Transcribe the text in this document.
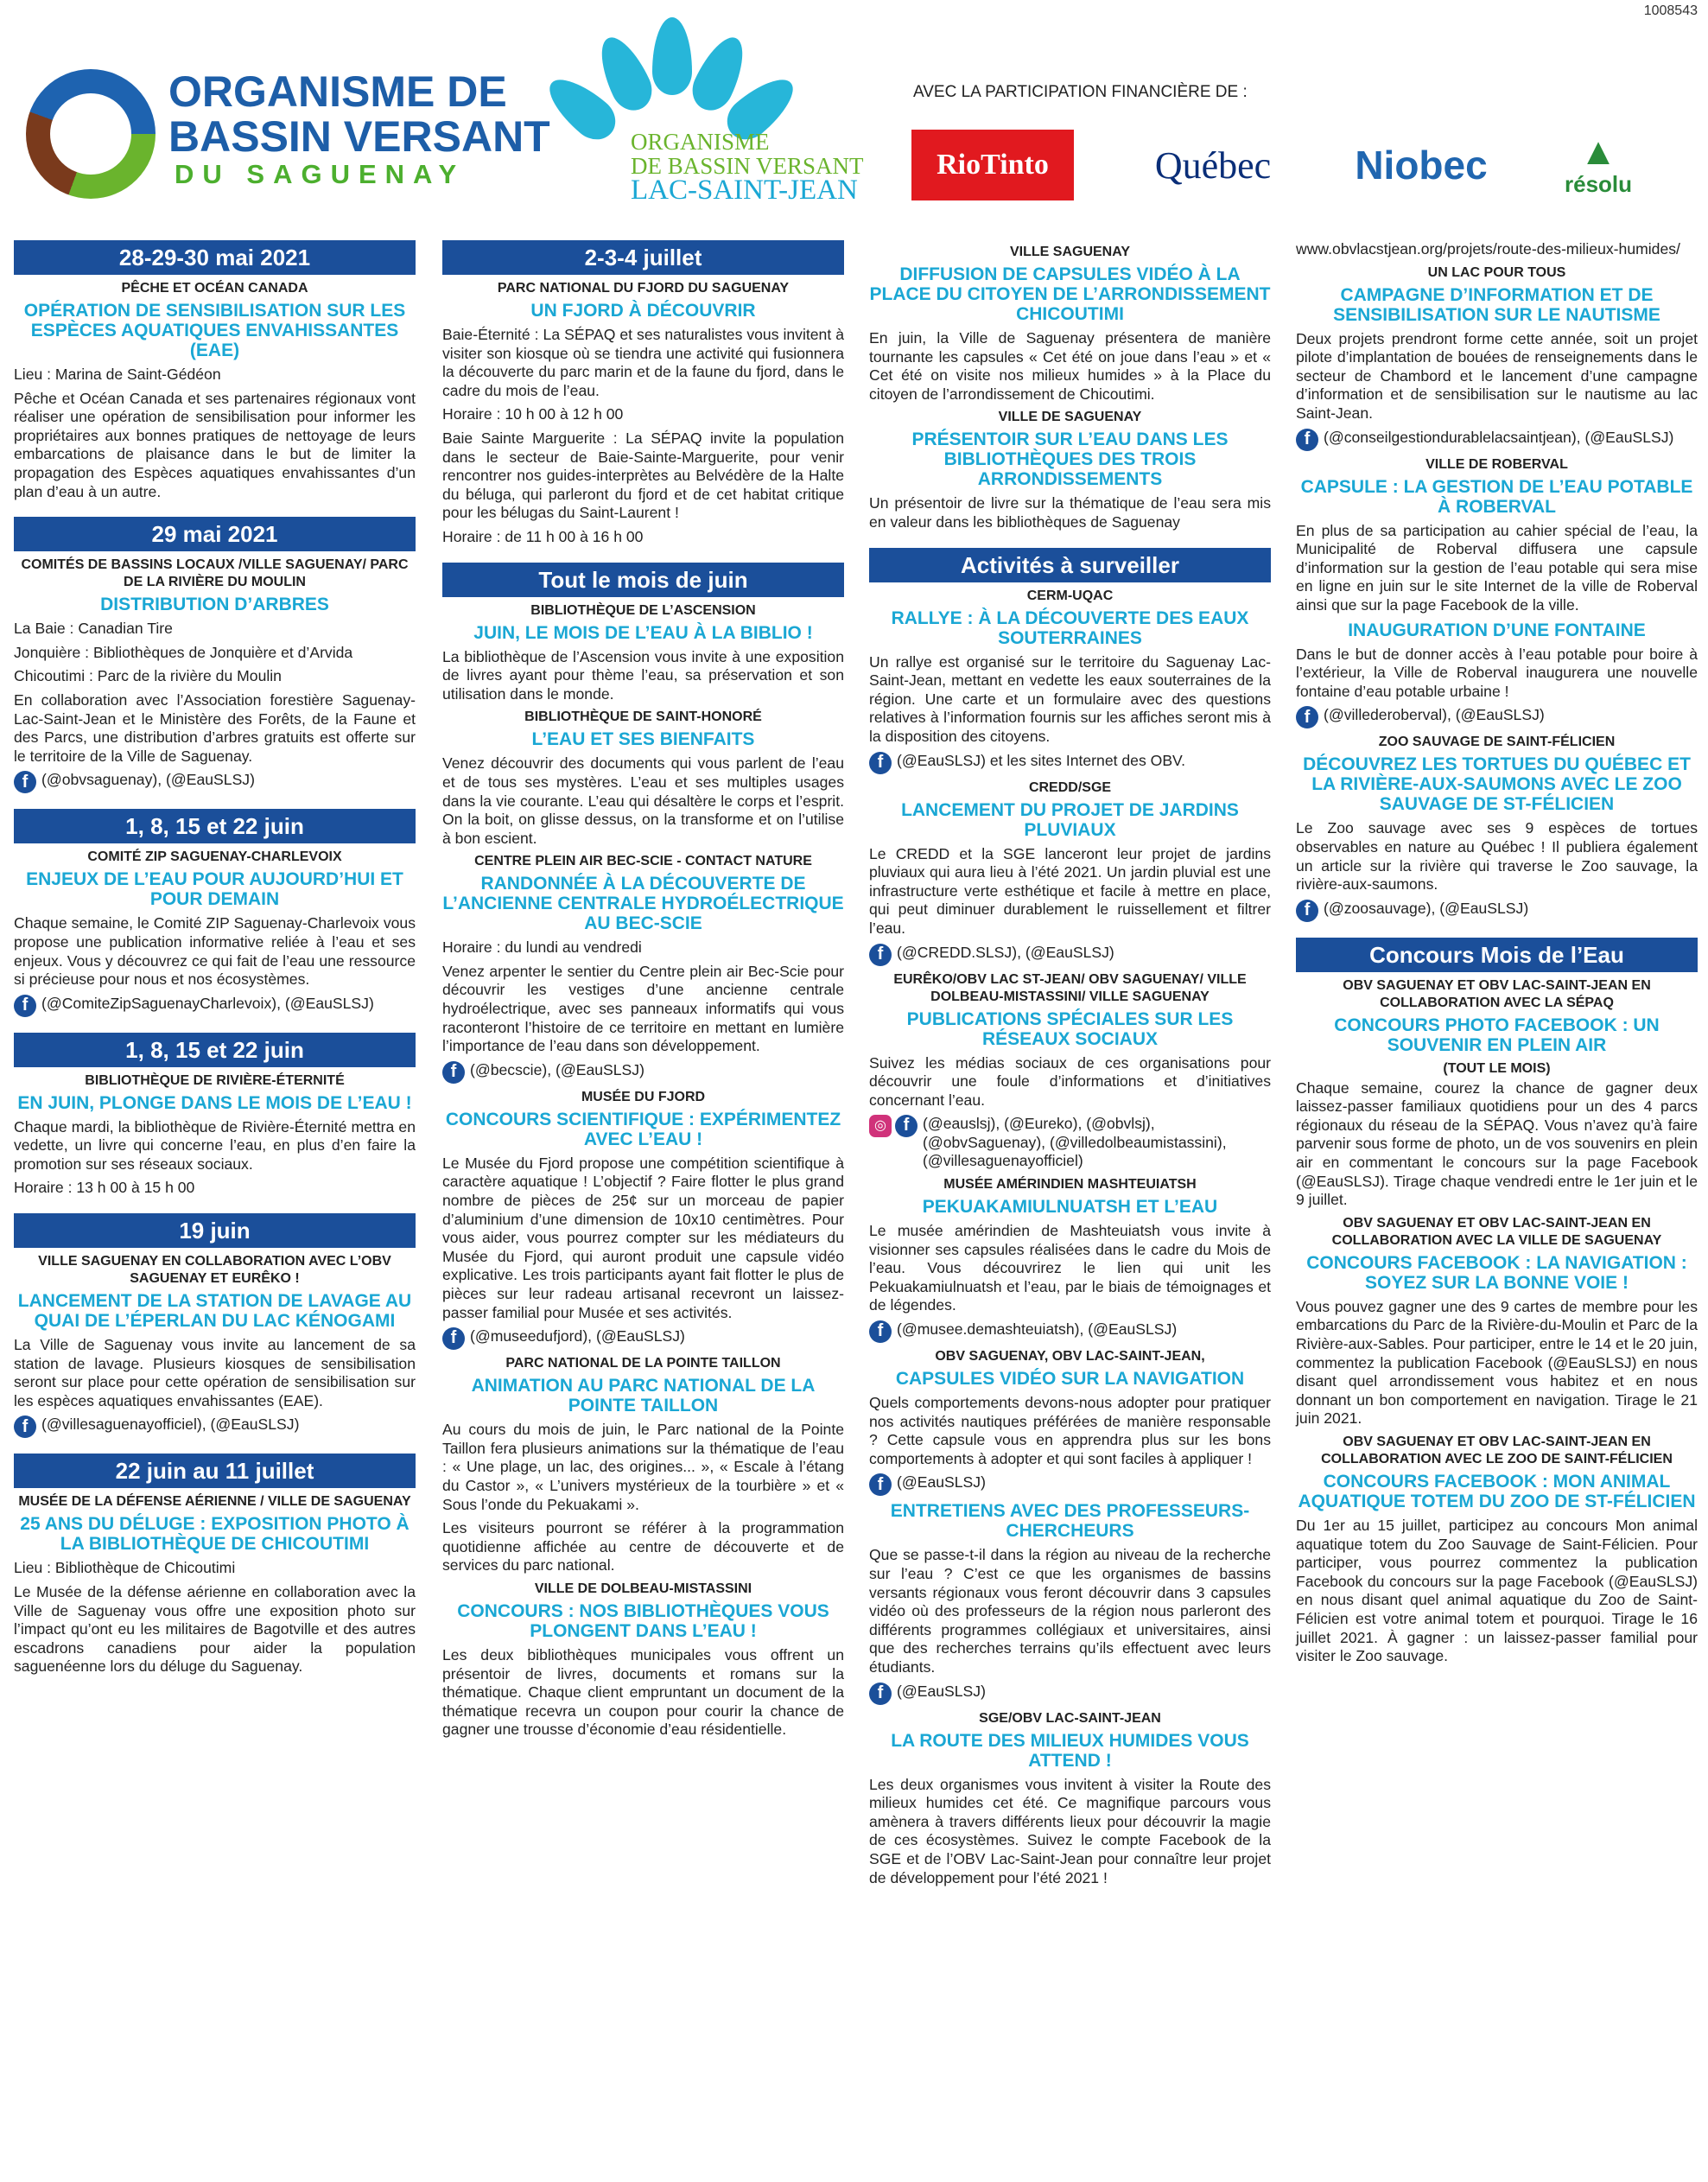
1008543
ORGANISME DE
BASSIN VERSANT
DU SAGUENAY
ORGANISME
DE BASSIN VERSANT
LAC-SAINT-JEAN
AVEC LA PARTICIPATION FINANCIÈRE DE :
RioTinto	Québec	Niobec ▲
résolu
28-29-30 mai 2021
PÊCHE ET OCÉAN CANADA
OPÉRATION DE SENSIBILISATION SUR LES ESPÈCES AQUATIQUES ENVAHISSANTES (EAE)

Lieu : Marina de Saint-Gédéon

Pêche et Océan Canada et ses partenaires régionaux vont réaliser une opération de sensibilisation pour informer les propriétaires aux bonnes pratiques de nettoyage de leurs embarcations de plaisance dans le but de limiter la propagation des Espèces aquatiques envahissantes d’un plan d’eau à un autre.

29 mai 2021
COMITÉS DE BASSINS LOCAUX /VILLE SAGUENAY/ PARC DE LA RIVIÈRE DU MOULIN
DISTRIBUTION D’ARBRES

La Baie : Canadian Tire

Jonquière : Bibliothèques de Jonquière et d’Arvida

Chicoutimi : Parc de la rivière du Moulin

En collaboration avec l’Association forestière Saguenay-Lac-Saint-Jean et le Ministère des Forêts, de la Faune et des Parcs, une distribution d’arbres gratuits est offerte sur le territoire de la Ville de Saguenay.

f (@obvsaguenay), (@EauSLSJ)
1, 8, 15 et 22 juin
COMITÉ ZIP SAGUENAY-CHARLEVOIX
ENJEUX DE L’EAU POUR AUJOURD’HUI ET POUR DEMAIN

Chaque semaine, le Comité ZIP Saguenay-Charlevoix vous propose une publication informative reliée à l’eau et ses enjeux. Vous y découvrez ce qui fait de l’eau une ressource si précieuse pour nous et nos écosystèmes.

f (@ComiteZipSaguenayCharlevoix), (@EauSLSJ)
1, 8, 15 et 22 juin
BIBLIOTHÈQUE DE RIVIÈRE-ÉTERNITÉ
EN JUIN, PLONGE DANS LE MOIS DE L’EAU !

Chaque mardi, la bibliothèque de Rivière-Éternité mettra en vedette, un livre qui concerne l’eau, en plus d’en faire la promotion sur ses réseaux sociaux.

Horaire : 13 h 00 à 15 h 00

19 juin
VILLE SAGUENAY EN COLLABORATION AVEC L’OBV SAGUENAY ET EURÊKO !
LANCEMENT DE LA STATION DE LAVAGE AU QUAI DE L’ÉPERLAN DU LAC KÉNOGAMI

La Ville de Saguenay vous invite au lancement de sa station de lavage. Plusieurs kiosques de sensibilisation seront sur place pour cette opération de sensibilisation sur les espèces aquatiques envahissantes (EAE).

f (@villesaguenayofficiel), (@EauSLSJ)
22 juin au 11 juillet
MUSÉE DE LA DÉFENSE AÉRIENNE / VILLE DE SAGUENAY
25 ANS DU DÉLUGE : EXPOSITION PHOTO À LA BIBLIOTHÈQUE DE CHICOUTIMI

Lieu : Bibliothèque de Chicoutimi

Le Musée de la défense aérienne en collaboration avec la Ville de Saguenay vous offre une exposition photo sur l’impact qu’ont eu les militaires de Bagotville et des autres escadrons canadiens pour aider la population saguenéenne lors du déluge du Saguenay.

2-3-4 juillet
PARC NATIONAL DU FJORD DU SAGUENAY
UN FJORD À DÉCOUVRIR

Baie-Éternité : La SÉPAQ et ses naturalistes vous invitent à visiter son kiosque où se tiendra une activité qui fusionnera la découverte du parc marin et de la faune du fjord, dans le cadre du mois de l’eau.

Horaire : 10 h 00 à 12 h 00

Baie Sainte Marguerite : La SÉPAQ invite la population dans le secteur de Baie-Sainte-Marguerite, pour venir rencontrer nos guides-interprètes au Belvédère de la Halte du béluga, qui parleront du fjord et de cet habitat critique pour les bélugas du Saint-Laurent !

Horaire : de 11 h 00 à 16 h 00

Tout le mois de juin
BIBLIOTHÈQUE DE L’ASCENSION
JUIN, LE MOIS DE L’EAU À LA BIBLIO !

La bibliothèque de l’Ascension vous invite à une exposition de livres ayant pour thème l’eau, sa préservation et son utilisation dans le monde.

BIBLIOTHÈQUE DE SAINT-HONORÉ
L’EAU ET SES BIENFAITS

Venez découvrir des documents qui vous parlent de l’eau et de tous ses mystères. L’eau et ses multiples usages dans la vie courante. L’eau qui désaltère le corps et l’esprit. On la boit, on glisse dessus, on la transforme et on l’utilise à bon escient.

CENTRE PLEIN AIR BEC-SCIE - CONTACT NATURE
RANDONNÉE À LA DÉCOUVERTE DE L’ANCIENNE CENTRALE HYDROÉLECTRIQUE AU BEC-SCIE

Horaire : du lundi au vendredi

Venez arpenter le sentier du Centre plein air Bec-Scie pour découvrir les vestiges d’une ancienne centrale hydroélectrique, avec ses panneaux informatifs qui vous raconteront l’histoire de ce territoire en mettant en lumière l’importance de l’eau dans son développement.

f (@becscie), (@EauSLSJ)
MUSÉE DU FJORD
CONCOURS SCIENTIFIQUE : EXPÉRIMENTEZ AVEC L’EAU !

Le Musée du Fjord propose une compétition scientifique à caractère aquatique ! L’objectif ? Faire flotter le plus grand nombre de pièces de 25¢ sur un morceau de papier d’aluminium d’une dimension de 10x10 centimètres. Pour vous aider, vous pourrez compter sur les médiateurs du Musée du Fjord, qui auront produit une capsule vidéo explicative. Les trois participants ayant fait flotter le plus de pièces sur leur radeau artisanal recevront un laissez-passer familial pour Musée et ses activités.

f (@museedufjord), (@EauSLSJ)
PARC NATIONAL DE LA POINTE TAILLON
ANIMATION AU PARC NATIONAL DE LA POINTE TAILLON

Au cours du mois de juin, le Parc national de la Pointe Taillon fera plusieurs animations sur la thématique de l’eau : « Une plage, un lac, des origines... », « Escale à l’étang du Castor », « L’univers mystérieux de la tourbière » et « Sous l’onde du Pekuakami ».

Les visiteurs pourront se référer à la programmation quotidienne affichée au centre de découverte et de services du parc national.

VILLE DE DOLBEAU-MISTASSINI
CONCOURS : NOS BIBLIOTHÈQUES VOUS PLONGENT DANS L’EAU !

Les deux bibliothèques municipales vous offrent un présentoir de livres, documents et romans sur la thématique. Chaque client empruntant un document de la thématique recevra un coupon pour courir la chance de gagner une trousse d’économie d’eau résidentielle.

VILLE SAGUENAY
DIFFUSION DE CAPSULES VIDÉO À LA PLACE DU CITOYEN DE L’ARRONDISSEMENT CHICOUTIMI

En juin, la Ville de Saguenay présentera de manière tournante les capsules « Cet été on joue dans l’eau » et « Cet été on visite nos milieux humides » à la Place du citoyen de l’arrondissement de Chicoutimi.

VILLE DE SAGUENAY
PRÉSENTOIR SUR L’EAU DANS LES BIBLIOTHÈQUES DES TROIS ARRONDISSEMENTS

Un présentoir de livre sur la thématique de l’eau sera mis en valeur dans les bibliothèques de Saguenay

Activités à surveiller
CERM-UQAC
RALLYE : À LA DÉCOUVERTE DES EAUX SOUTERRAINES

Un rallye est organisé sur le territoire du Saguenay Lac-Saint-Jean, mettant en vedette les eaux souterraines de la région. Une carte et un formulaire avec des questions relatives à l’information fournis sur les affiches seront mis à la disposition des citoyens.

f (@EauSLSJ) et les sites Internet des OBV.
CREDD/SGE
LANCEMENT DU PROJET DE JARDINS PLUVIAUX

Le CREDD et la SGE lanceront leur projet de jardins pluviaux qui aura lieu à l’été 2021. Un jardin pluvial est une infrastructure verte esthétique et facile à mettre en place, qui peut diminuer durablement le ruissellement et filtrer l’eau.

f (@CREDD.SLSJ), (@EauSLSJ)
EURÊKO/OBV LAC ST-JEAN/ OBV SAGUENAY/ VILLE DOLBEAU-MISTASSINI/ VILLE SAGUENAY
PUBLICATIONS SPÉCIALES SUR LES RÉSEAUX SOCIAUX

Suivez les médias sociaux de ces organisations pour découvrir une foule d’informations et d’initiatives concernant l’eau.

◎ f (@eauslsj), (@Eureko), (@obvlsj), (@obvSaguenay), (@villedolbeaumistassini), (@villesaguenayofficiel)
MUSÉE AMÉRINDIEN MASHTEUIATSH
PEKUAKAMIULNUATSH ET L’EAU

Le musée amérindien de Mashteuiatsh vous invite à visionner ses capsules réalisées dans le cadre du Mois de l’eau. Vous découvrirez le lien qui unit les Pekuakamiulnuatsh et l’eau, par le biais de témoignages et de légendes.

f (@musee.demashteuiatsh), (@EauSLSJ)
OBV SAGUENAY, OBV LAC-SAINT-JEAN,
CAPSULES VIDÉO SUR LA NAVIGATION

Quels comportements devons-nous adopter pour pratiquer nos activités nautiques préférées de manière responsable ? Cette capsule vous en apprendra plus sur les bons comportements à adopter et qui sont faciles à appliquer !

f (@EauSLSJ)
ENTRETIENS AVEC DES PROFESSEURS-CHERCHEURS

Que se passe-t-il dans la région au niveau de la recherche sur l’eau ? C’est ce que les organismes de bassins versants régionaux vous feront découvrir dans 3 capsules vidéo où des professeurs de la région nous parleront des différents programmes collégiaux et universitaires, ainsi que des recherches terrains qu’ils effectuent avec leurs étudiants.

f (@EauSLSJ)
SGE/OBV LAC-SAINT-JEAN
LA ROUTE DES MILIEUX HUMIDES VOUS ATTEND !

Les deux organismes vous invitent à visiter la Route des milieux humides cet été. Ce magnifique parcours vous amènera à travers différents lieux pour découvrir la magie de ces écosystèmes. Suivez le compte Facebook de la SGE et de l’OBV Lac-Saint-Jean pour connaître leur projet de développement pour l’été 2021 !

www.obvlacstjean.org/projets/route-des-milieux-humides/

UN LAC POUR TOUS
CAMPAGNE D’INFORMATION ET DE SENSIBILISATION SUR LE NAUTISME

Deux projets prendront forme cette année, soit un projet pilote d’implantation de bouées de renseignements dans le secteur de Chambord et le lancement d’une campagne d’information et de sensibilisation sur le nautisme au lac Saint-Jean.

f (@conseilgestiondurablelacsaintjean), (@EauSLSJ)
VILLE DE ROBERVAL
CAPSULE : LA GESTION DE L’EAU POTABLE À ROBERVAL

En plus de sa participation au cahier spécial de l’eau, la Municipalité de Roberval diffusera une capsule d’information sur la gestion de l’eau potable qui sera mise en ligne en juin sur le site Internet de la ville de Roberval ainsi que sur la page Facebook de la ville.

INAUGURATION D’UNE FONTAINE

Dans le but de donner accès à l’eau potable pour boire à l’extérieur, la Ville de Roberval inaugurera une nouvelle fontaine d’eau potable urbaine !

f (@villederoberval), (@EauSLSJ)
ZOO SAUVAGE DE SAINT-FÉLICIEN
DÉCOUVREZ LES TORTUES DU QUÉBEC ET LA RIVIÈRE-AUX-SAUMONS AVEC LE ZOO SAUVAGE DE ST-FÉLICIEN

Le Zoo sauvage avec ses 9 espèces de tortues observables en nature au Québec ! Il publiera également un article sur la rivière qui traverse le Zoo sauvage, la rivière-aux-saumons.

f (@zoosauvage), (@EauSLSJ)
Concours Mois de l’Eau
OBV SAGUENAY ET OBV LAC-SAINT-JEAN EN COLLABORATION AVEC LA SÉPAQ
CONCOURS PHOTO FACEBOOK : UN SOUVENIR EN PLEIN AIR
(TOUT LE MOIS)

Chaque semaine, courez la chance de gagner deux laissez-passer familiaux quotidiens pour un des 4 parcs régionaux du réseau de la SÉPAQ. Vous n’avez qu’à faire parvenir sous forme de photo, un de vos souvenirs en plein air en commentant le concours sur la page Facebook (@EauSLSJ). Tirage chaque vendredi entre le 1er juin et le 9 juillet.

OBV SAGUENAY ET OBV LAC-SAINT-JEAN EN COLLABORATION AVEC LA VILLE DE SAGUENAY
CONCOURS FACEBOOK : LA NAVIGATION : SOYEZ SUR LA BONNE VOIE !

Vous pouvez gagner une des 9 cartes de membre pour les embarcations du Parc de la Rivière-du-Moulin et Parc de la Rivière-aux-Sables. Pour participer, entre le 14 et le 20 juin, commentez la publication Facebook (@EauSLSJ) en nous disant quel arrondissement vous habitez et en nous donnant un bon comportement en navigation. Tirage le 21 juin 2021.

OBV SAGUENAY ET OBV LAC-SAINT-JEAN EN COLLABORATION AVEC LE ZOO DE SAINT-FÉLICIEN
CONCOURS FACEBOOK : MON ANIMAL AQUATIQUE TOTEM DU ZOO DE ST-FÉLICIEN

Du 1er au 15 juillet, participez au concours Mon animal aquatique totem du Zoo Sauvage de Saint-Félicien. Pour participer, vous pourrez commentez la publication Facebook du concours sur la page Facebook (@EauSLSJ) en nous disant quel animal aquatique du Zoo de Saint-Félicien est votre animal totem et pourquoi. Tirage le 16 juillet 2021. À gagner : un laissez-passer familial pour visiter le Zoo sauvage.
